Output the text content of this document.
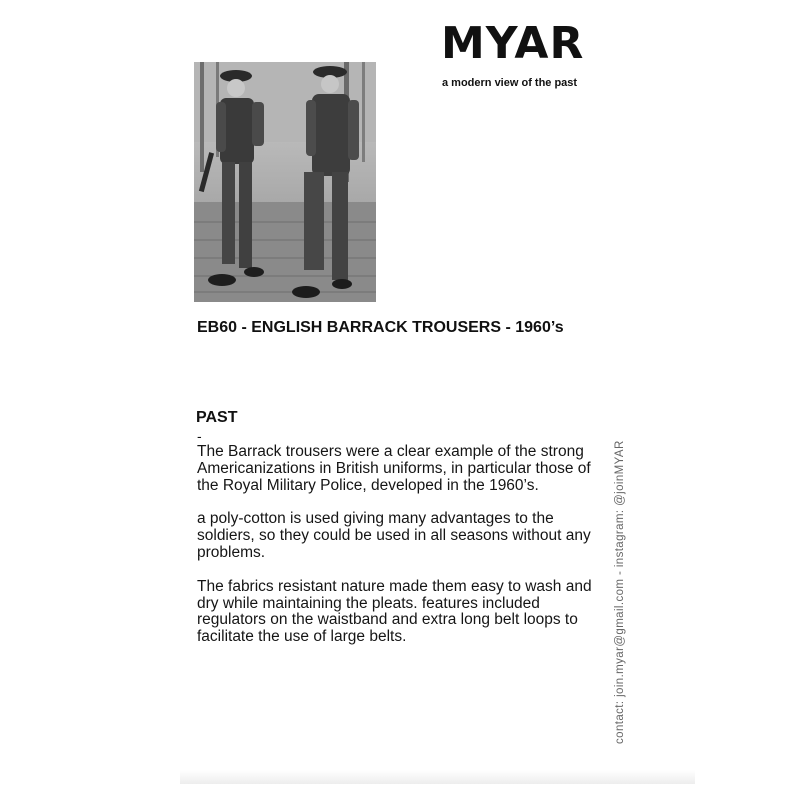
MYAR
a modern view of the past
EB60 - ENGLISH BARRACK TROUSERS - 1960’s
PAST
-

The Barrack trousers were a clear example of the strong Americanizations in British uniforms, in particular those of the Royal Military Police, developed in the 1960’s.

a poly-cotton is used giving many advantages to the soldiers, so they could be used in all seasons without any problems.

The fabrics resistant nature made them easy to wash and dry while maintaining the pleats. features included regulators on the waistband and extra long belt loops to facilitate the use of large belts.	contact: join.myar@gmail.com - instagram: @joinMYAR
